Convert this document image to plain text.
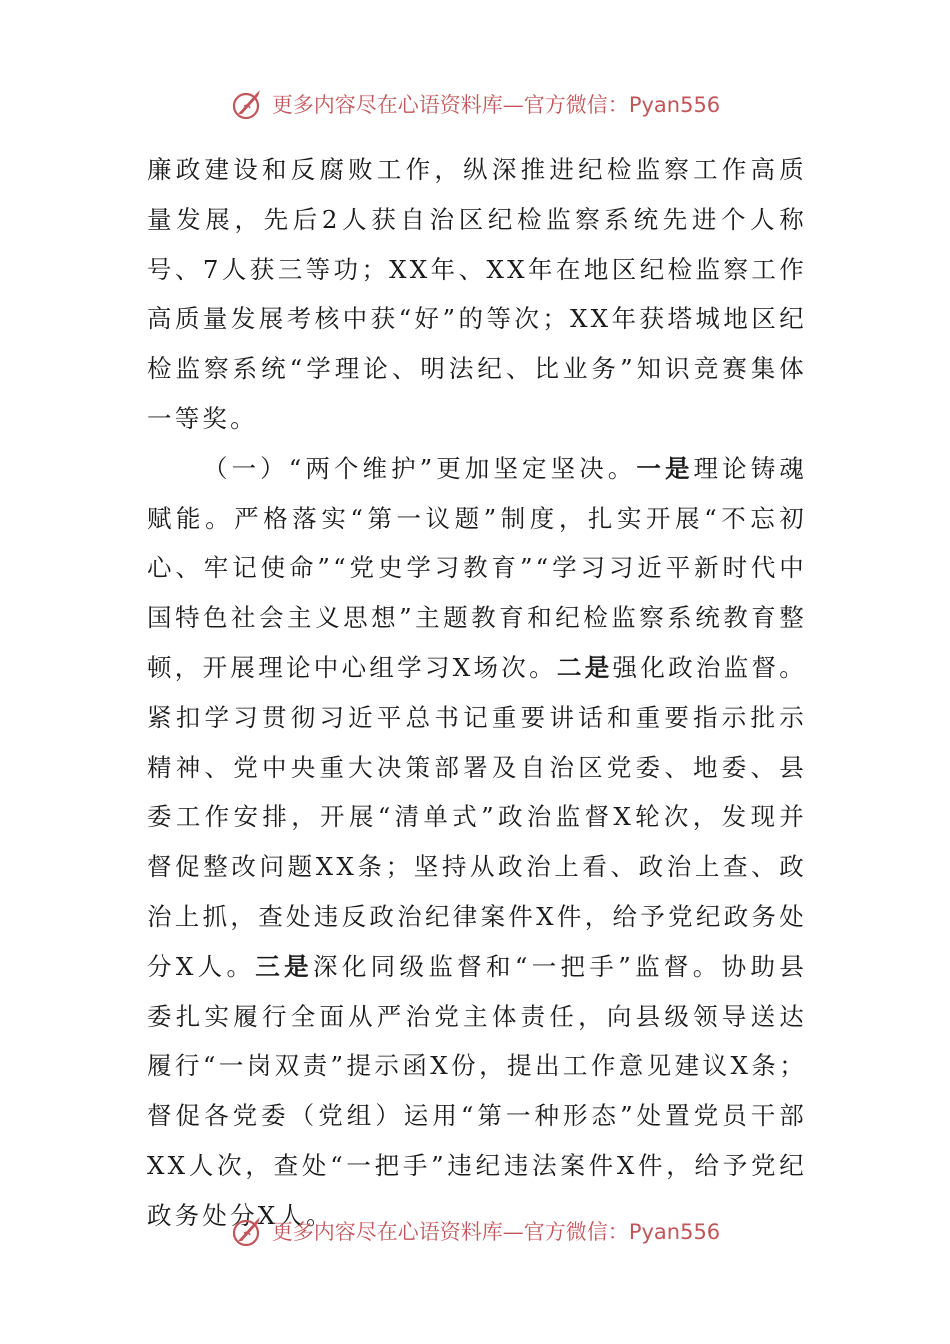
更多内容尽在心语资料库—官方微信：Pyan556

廉政建设和反腐败工作，纵深推进纪检监察工作高质量发展，先后2人获自治区纪检监察系统先进个人称号、7人获三等功；XX年、XX年在地区纪检监察工作高质量发展考核中获“好”的等次；XX年获塔城地区纪检监察系统“学理论、明法纪、比业务”知识竞赛集体一等奖。

（一）“两个维护”更加坚定坚决。一是理论铸魂赋能。严格落实“第一议题”制度，扎实开展“不忘初心、牢记使命”“党史学习教育”“学习习近平新时代中国特色社会主义思想”主题教育和纪检监察系统教育整顿，开展理论中心组学习X场次。二是强化政治监督。紧扣学习贯彻习近平总书记重要讲话和重要指示批示精神、党中央重大决策部署及自治区党委、地委、县委工作安排，开展“清单式”政治监督X轮次，发现并督促整改问题XX条；坚持从政治上看、政治上查、政治上抓，查处违反政治纪律案件X件，给予党纪政务处分X人。三是深化同级监督和“一把手”监督。协助县委扎实履行全面从严治党主体责任，向县级领导送达履行“一岗双责”提示函X份，提出工作意见建议X条；督促各党委（党组）运用“第一种形态”处置党员干部XX人次，查处“一把手”违纪违法案件X件，给予党纪政务处分X人。

更多内容尽在心语资料库—官方微信：Pyan556
